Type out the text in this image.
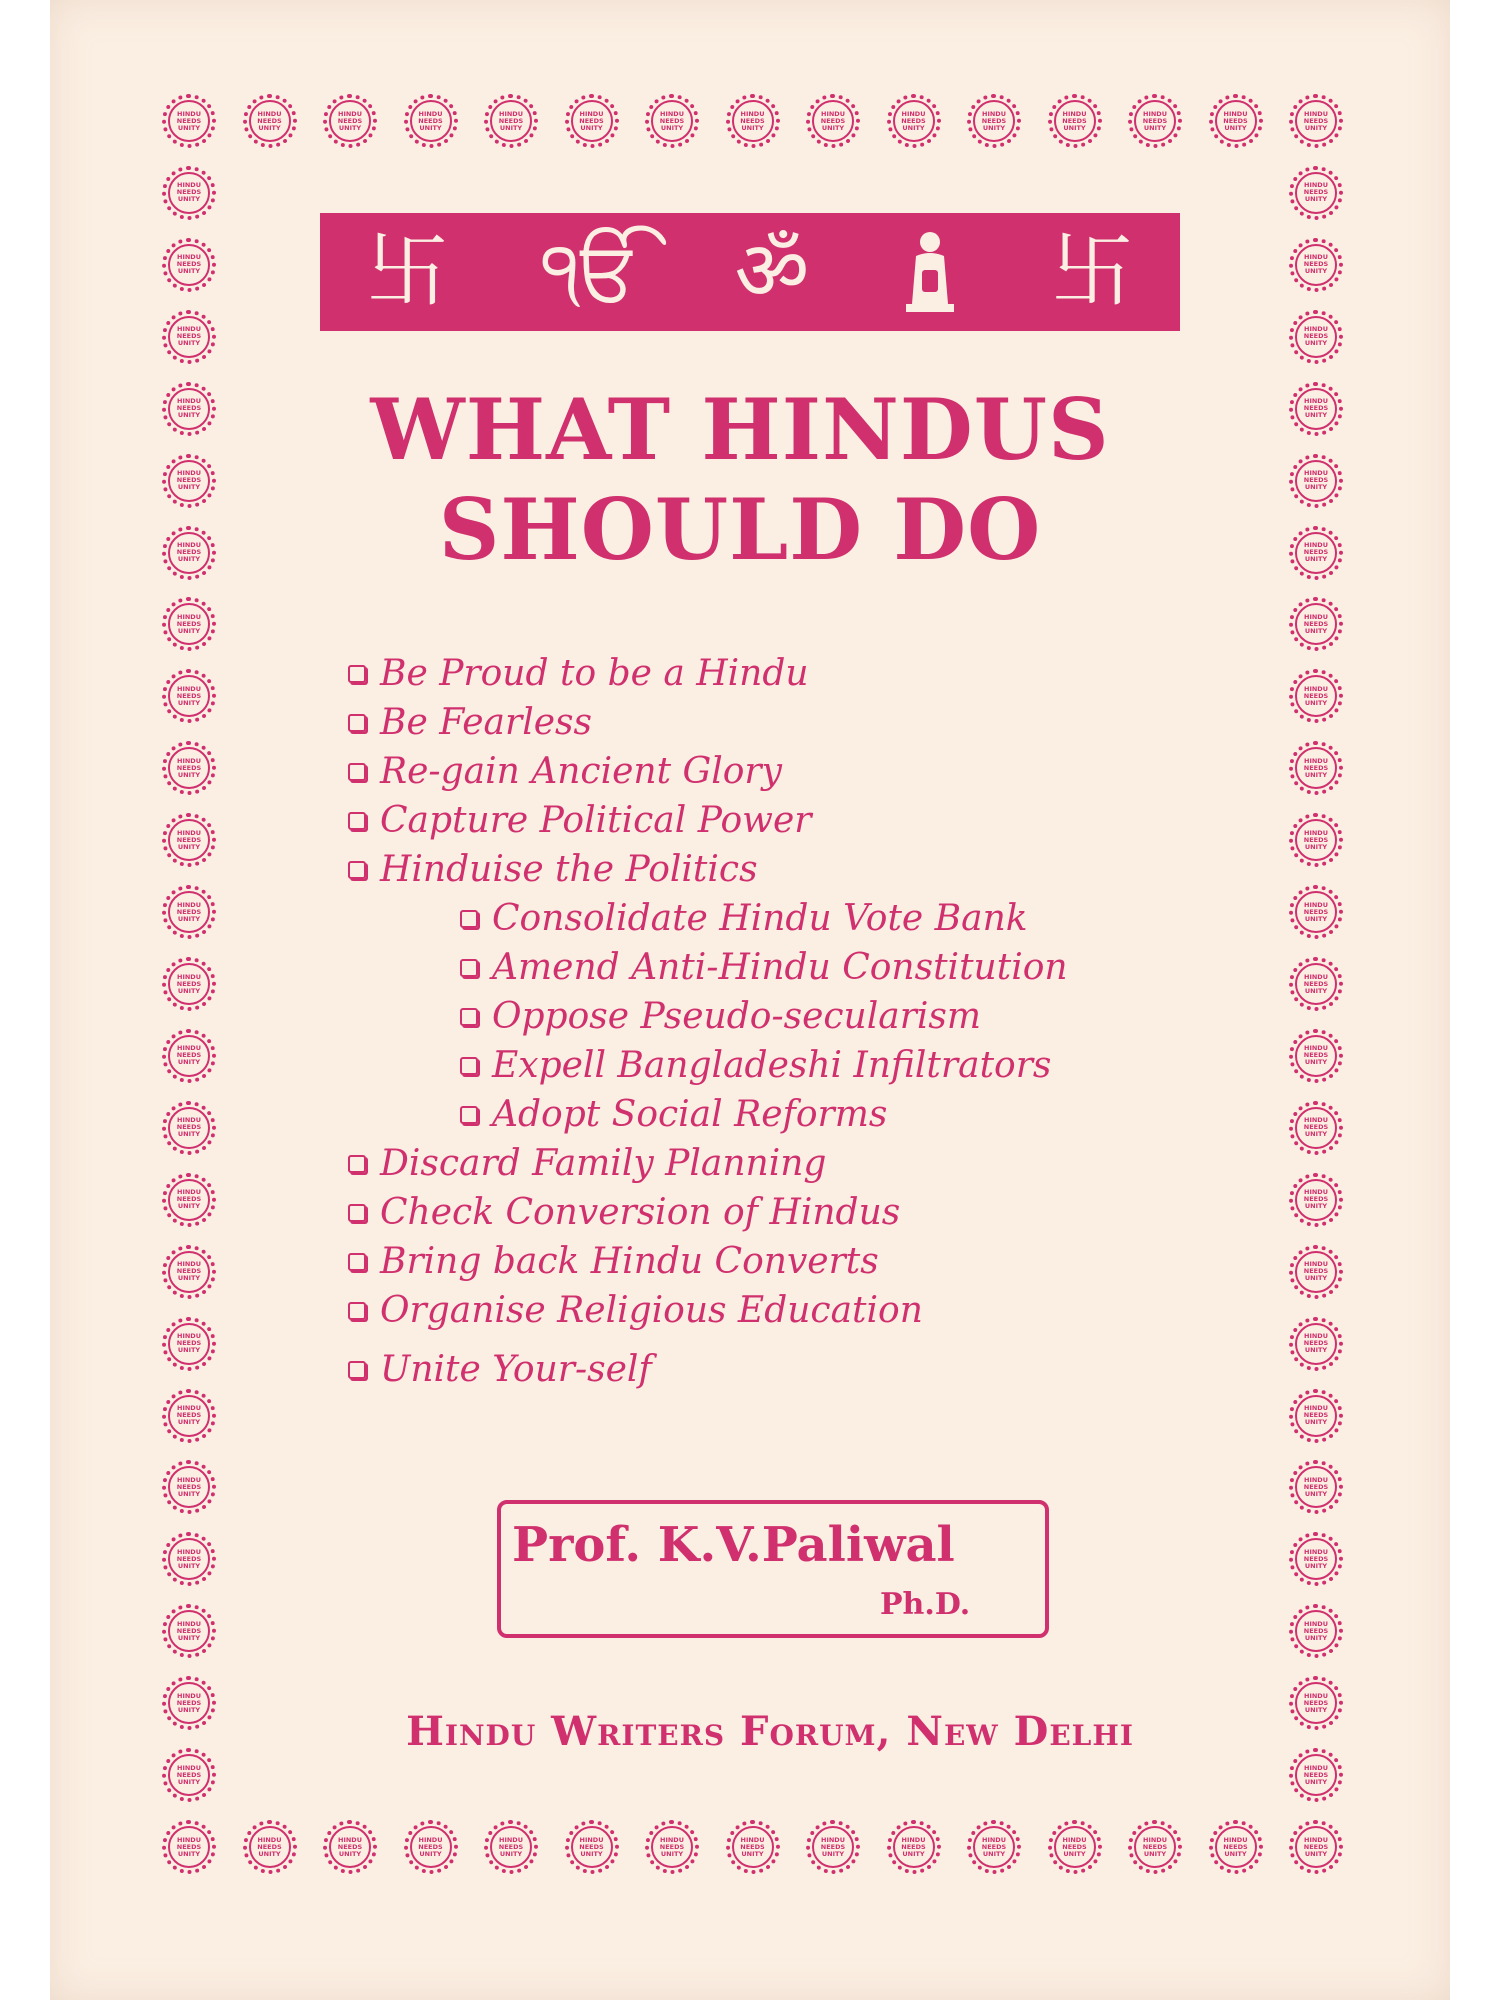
HINDU
NEEDS
UNITY
HINDU
NEEDS
UNITY
HINDU
NEEDS
UNITY
HINDU
NEEDS
UNITY
HINDU
NEEDS
UNITY
HINDU
NEEDS
UNITY
HINDU
NEEDS
UNITY
HINDU
NEEDS
UNITY
HINDU
NEEDS
UNITY
HINDU
NEEDS
UNITY
HINDU
NEEDS
UNITY
HINDU
NEEDS
UNITY
HINDU
NEEDS
UNITY
HINDU
NEEDS
UNITY
HINDU
NEEDS
UNITY
HINDU
NEEDS
UNITY
HINDU
NEEDS
UNITY
HINDU
NEEDS
UNITY
HINDU
NEEDS
UNITY
HINDU
NEEDS
UNITY
HINDU
NEEDS
UNITY
HINDU
NEEDS
UNITY
HINDU
NEEDS
UNITY
HINDU
NEEDS
UNITY
HINDU
NEEDS
UNITY
HINDU
NEEDS
UNITY
HINDU
NEEDS
UNITY
HINDU
NEEDS
UNITY
HINDU
NEEDS
UNITY
HINDU
NEEDS
UNITY
HINDU
NEEDS
UNITY
HINDU
NEEDS
UNITY
HINDU
NEEDS
UNITY
HINDU
NEEDS
UNITY
HINDU
NEEDS
UNITY
HINDU
NEEDS
UNITY
HINDU
NEEDS
UNITY
HINDU
NEEDS
UNITY
HINDU
NEEDS
UNITY
HINDU
NEEDS
UNITY
HINDU
NEEDS
UNITY
HINDU
NEEDS
UNITY
HINDU
NEEDS
UNITY
HINDU
NEEDS
UNITY
HINDU
NEEDS
UNITY
HINDU
NEEDS
UNITY
HINDU
NEEDS
UNITY
HINDU
NEEDS
UNITY
HINDU
NEEDS
UNITY
HINDU
NEEDS
UNITY
HINDU
NEEDS
UNITY
HINDU
NEEDS
UNITY
HINDU
NEEDS
UNITY
HINDU
NEEDS
UNITY
HINDU
NEEDS
UNITY
HINDU
NEEDS
UNITY
HINDU
NEEDS
UNITY
HINDU
NEEDS
UNITY
HINDU
NEEDS
UNITY
HINDU
NEEDS
UNITY
HINDU
NEEDS
UNITY
HINDU
NEEDS
UNITY
HINDU
NEEDS
UNITY
HINDU
NEEDS
UNITY
HINDU
NEEDS
UNITY
HINDU
NEEDS
UNITY
HINDU
NEEDS
UNITY
HINDU
NEEDS
UNITY
HINDU
NEEDS
UNITY
HINDU
NEEDS
UNITY
HINDU
NEEDS
UNITY
HINDU
NEEDS
UNITY
HINDU
NEEDS
UNITY
HINDU
NEEDS
UNITY
HINDU
NEEDS
UNITY
HINDU
NEEDS
UNITY
卐 ੴ ॐ	卐
WHAT HINDUS
SHOULD DO
Be Proud to be a Hindu
Be Fearless
Re-gain Ancient Glory
Capture Political Power
Hinduise the Politics
Consolidate Hindu Vote Bank
Amend Anti-Hindu Constitution
Oppose Pseudo-secularism
Expell Bangladeshi Infiltrators
Adopt Social Reforms
Discard Family Planning
Check Conversion of Hindus
Bring back Hindu Converts
Organise Religious Education
Unite Your-self
Prof. K.V.Paliwal
Ph.D.
Hindu Writers Forum, New Delhi
